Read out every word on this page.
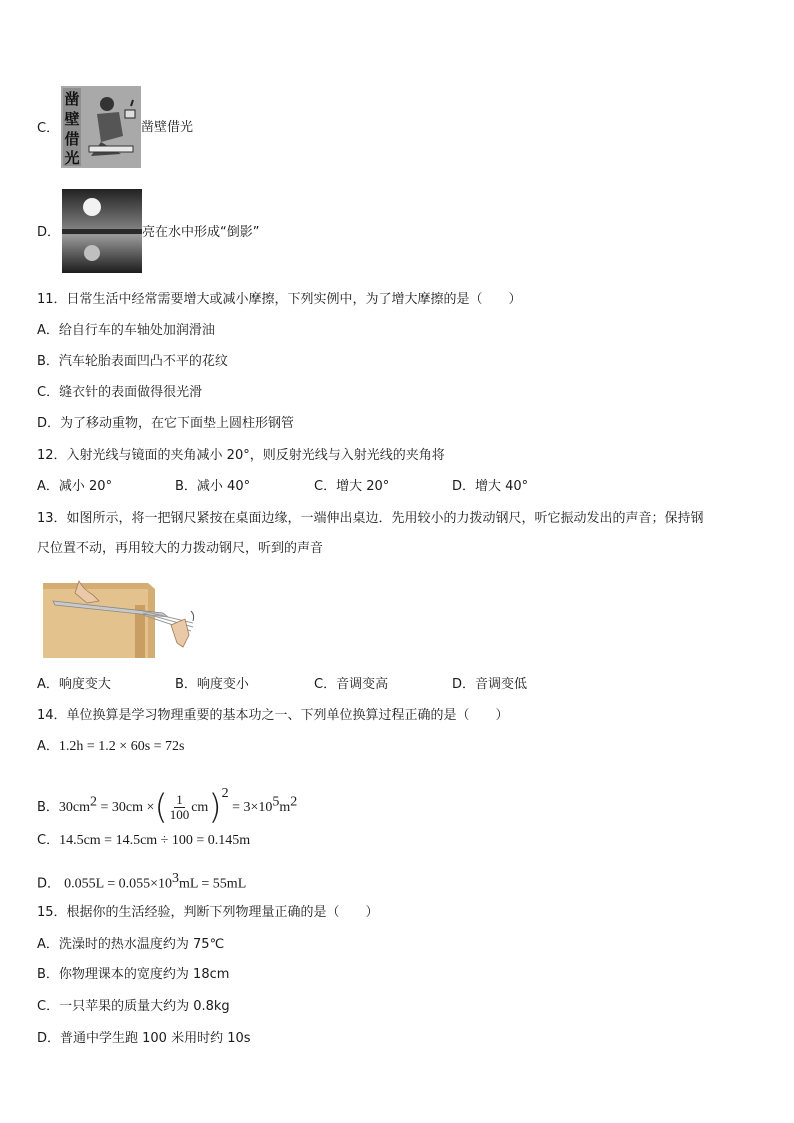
C．
凿
壁
借
光
凿壁借光
D．	亮在水中形成“倒影”
11．日常生活中经常需要增大或减小摩擦，下列实例中，为了增大摩擦的是（　　）
A．给自行车的车轴处加润滑油
B．汽车轮胎表面凹凸不平的花纹
C．缝衣针的表面做得很光滑
D．为了移动重物，在它下面垫上圆柱形钢管
12．入射光线与镜面的夹角减小 20°，则反射光线与入射光线的夹角将
A．减小 20°	B．减小 40°	C．增大 20°	D．增大 40°
13．如图所示，将一把钢尺紧按在桌面边缘，一端伸出桌边．先用较小的力拨动钢尺，听它振动发出的声音；保持钢
尺位置不动，再用较大的力拨动钢尺，听到的声音
A．响度变大	B．响度变小	C．音调变高	D．音调变低
14．单位换算是学习物理重要的基本功之一、下列单位换算过程正确的是（　　）
A．1.2h = 1.2 × 60s = 72s
B．$30cm^2 = 30cm$ ×( $\frac{1}{100} cm)^2 = 3\times 10^5m^2$
C．14.5cm = 14.5cm ÷ 100 = 0.145m
D． $0.055L = 0.055\times 10^3mL = 55mL$
15．根据你的生活经验，判断下列物理量正确的是（　　）
A．洗澡时的热水温度约为 75℃
B．你物理课本的宽度约为 18cm
C．一只苹果的质量大约为 0.8kg
D．普通中学生跑 100 米用时约 10s
